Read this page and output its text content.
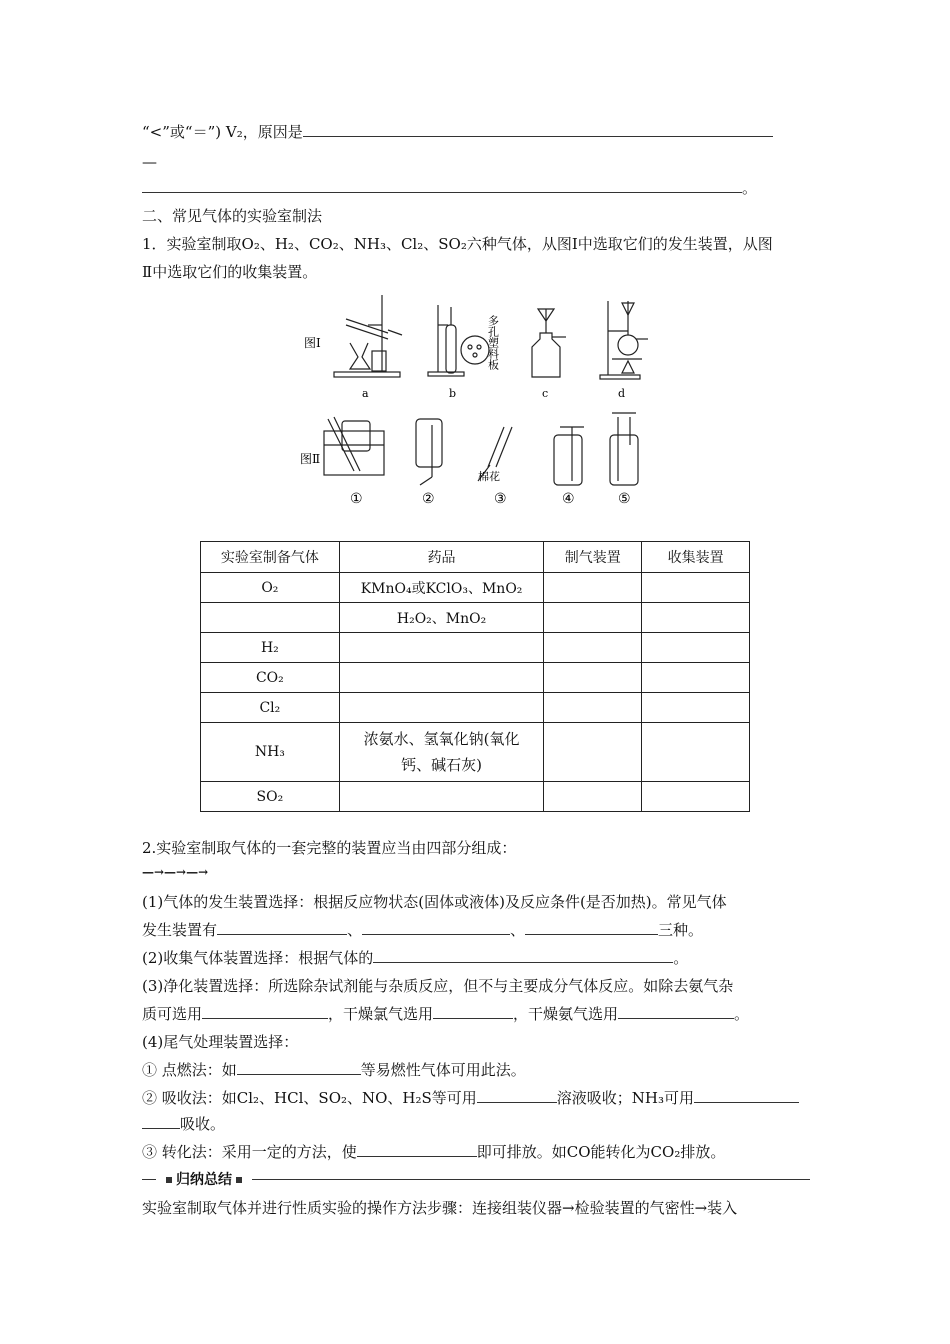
“<”或“＝”) V₂，原因是
—
。
二、常见气体的实验室制法
1．实验室制取O₂、H₂、CO₂、NH₃、Cl₂、SO₂六种气体，从图Ⅰ中选取它们的发生装置，从图
Ⅱ中选取它们的收集装置。
图Ⅰ
图Ⅱ
棉花
多孔塑料板
a	b	c	d
①	②	③	④	⑤
实验室制备气体	药品	制气装置	收集装置
O₂	KMnO₄或KClO₃、MnO₂		
	H₂O₂、MnO₂		
H₂			
CO₂			
Cl₂			
NH₃	浓氨水、氢氧化钠(氧化钙、碱石灰)		
SO₂			
2.实验室制取气体的一套完整的装置应当由四部分组成：
—→—→—→
(1)气体的发生装置选择：根据反应物状态(固体或液体)及反应条件(是否加热)。常见气体
发生装置有	、	、	三种。
(2)收集气体装置选择：根据气体的	。
(3)净化装置选择：所选除杂试剂能与杂质反应，但不与主要成分气体反应。如除去氨气杂
质可选用	，干燥氯气选用	，干燥氨气选用	。
(4)尾气处理装置选择：
① 点燃法：如	等易燃性气体可用此法。
② 吸收法：如Cl₂、HCl、SO₂、NO、H₂S等可用	溶液吸收；NH₃可用
吸收。
③ 转化法：采用一定的方法，使	即可排放。如CO能转化为CO₂排放。
归纳总结
实验室制取气体并进行性质实验的操作方法步骤：连接组装仪器→检验装置的气密性→装入
